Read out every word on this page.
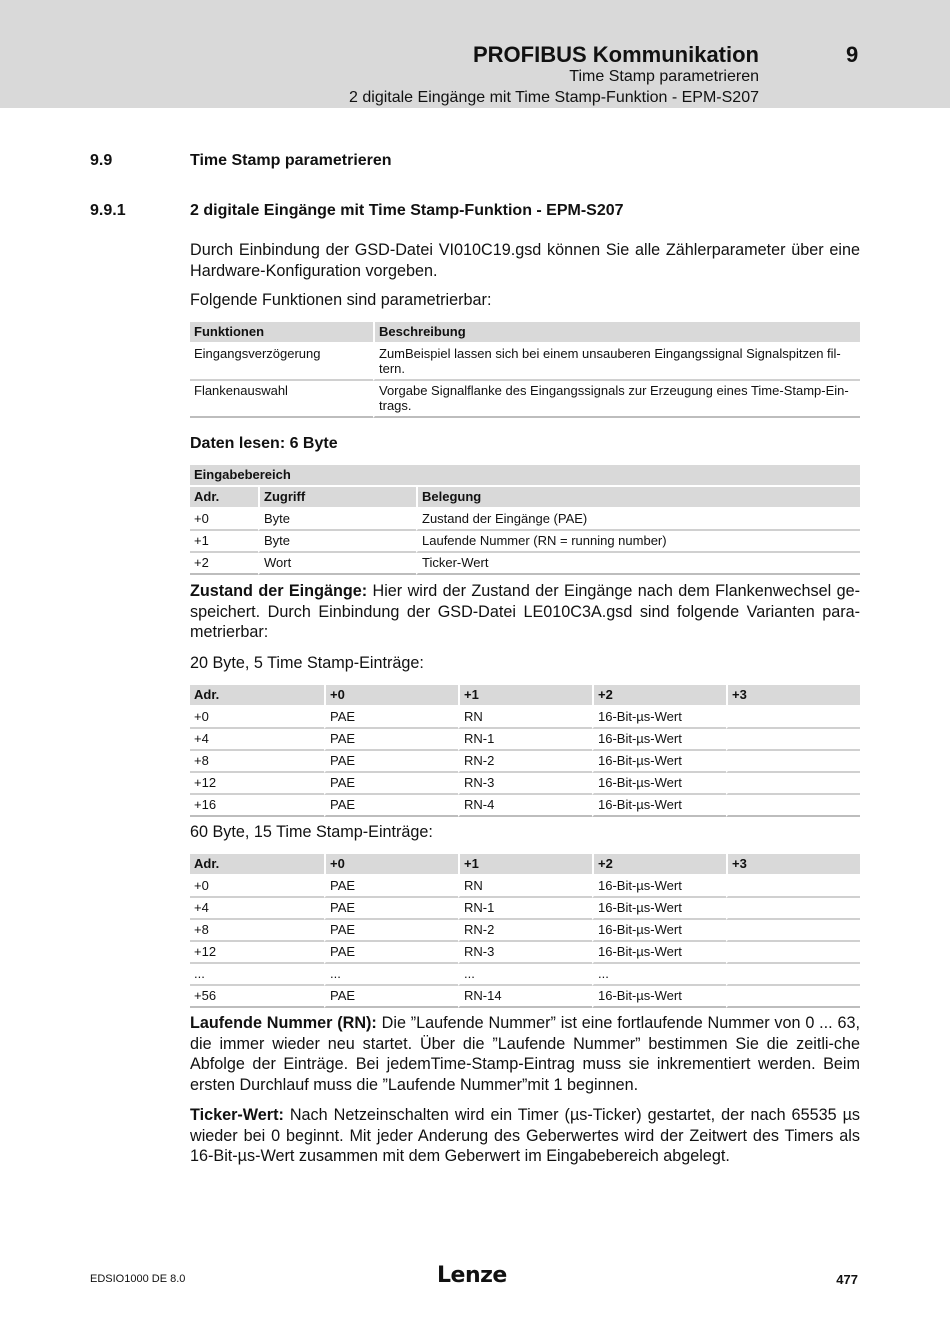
PROFIBUS Kommunikation	9
Time Stamp parametrieren
2 digitale Eingänge mit Time Stamp-Funktion - EPM-S207
9.9	Time Stamp parametrieren
9.9.1	2 digitale Eingänge mit Time Stamp-Funktion - EPM-S207
Durch Einbindung der GSD-Datei VI010C19.gsd können Sie alle Zählerparameter über eine Hardware-Konfiguration vorgeben.
Folgende Funktionen sind parametrierbar:
Funktionen	Beschreibung
Eingangsverzögerung	ZumBeispiel lassen sich bei einem unsauberen Eingangssignal Signalspitzen fil-tern.
Flankenauswahl	Vorgabe Signalflanke des Eingangssignals zur Erzeugung eines Time-Stamp-Ein-trags.
Daten lesen: 6 Byte
Eingabebereich		
Adr.	Zugriff	Belegung
+0	Byte	Zustand der Eingänge (PAE)
+1	Byte	Laufende Nummer (RN = running number)
+2	Wort	Ticker-Wert
Zustand der Eingänge: Hier wird der Zustand der Eingänge nach dem Flankenwechsel ge-speichert. Durch Einbindung der GSD-Datei LE010C3A.gsd sind folgende Varianten para-metrierbar:
20 Byte, 5 Time Stamp-Einträge:
Adr.	+0	+1	+2	+3
+0	PAE	RN	16-Bit-µs-Wert	
+4	PAE	RN-1	16-Bit-µs-Wert	
+8	PAE	RN-2	16-Bit-µs-Wert	
+12	PAE	RN-3	16-Bit-µs-Wert	
+16	PAE	RN-4	16-Bit-µs-Wert	
60 Byte, 15 Time Stamp-Einträge:
Adr.	+0	+1	+2	+3
+0	PAE	RN	16-Bit-µs-Wert	
+4	PAE	RN-1	16-Bit-µs-Wert	
+8	PAE	RN-2	16-Bit-µs-Wert	
+12	PAE	RN-3	16-Bit-µs-Wert	
...	...	...	...	
+56	PAE	RN-14	16-Bit-µs-Wert	
Laufende Nummer (RN): Die ”Laufende Nummer” ist eine fortlaufende Nummer von 0 ... 63, die immer wieder neu startet. Über die ”Laufende Nummer” bestimmen Sie die zeitli-che Abfolge der Einträge. Bei jedemTime-Stamp-Eintrag muss sie inkrementiert werden. Beim ersten Durchlauf muss die ”Laufende Nummer”mit 1 beginnen.
Ticker-Wert: Nach Netzeinschalten wird ein Timer (µs-Ticker) gestartet, der nach 65535 µs wieder bei 0 beginnt. Mit jeder Anderung des Geberwertes wird der Zeitwert des Timers als 16-Bit-µs-Wert zusammen mit dem Geberwert im Eingabebereich abgelegt.
EDSIO1000 DE 8.0	Lenze	477
